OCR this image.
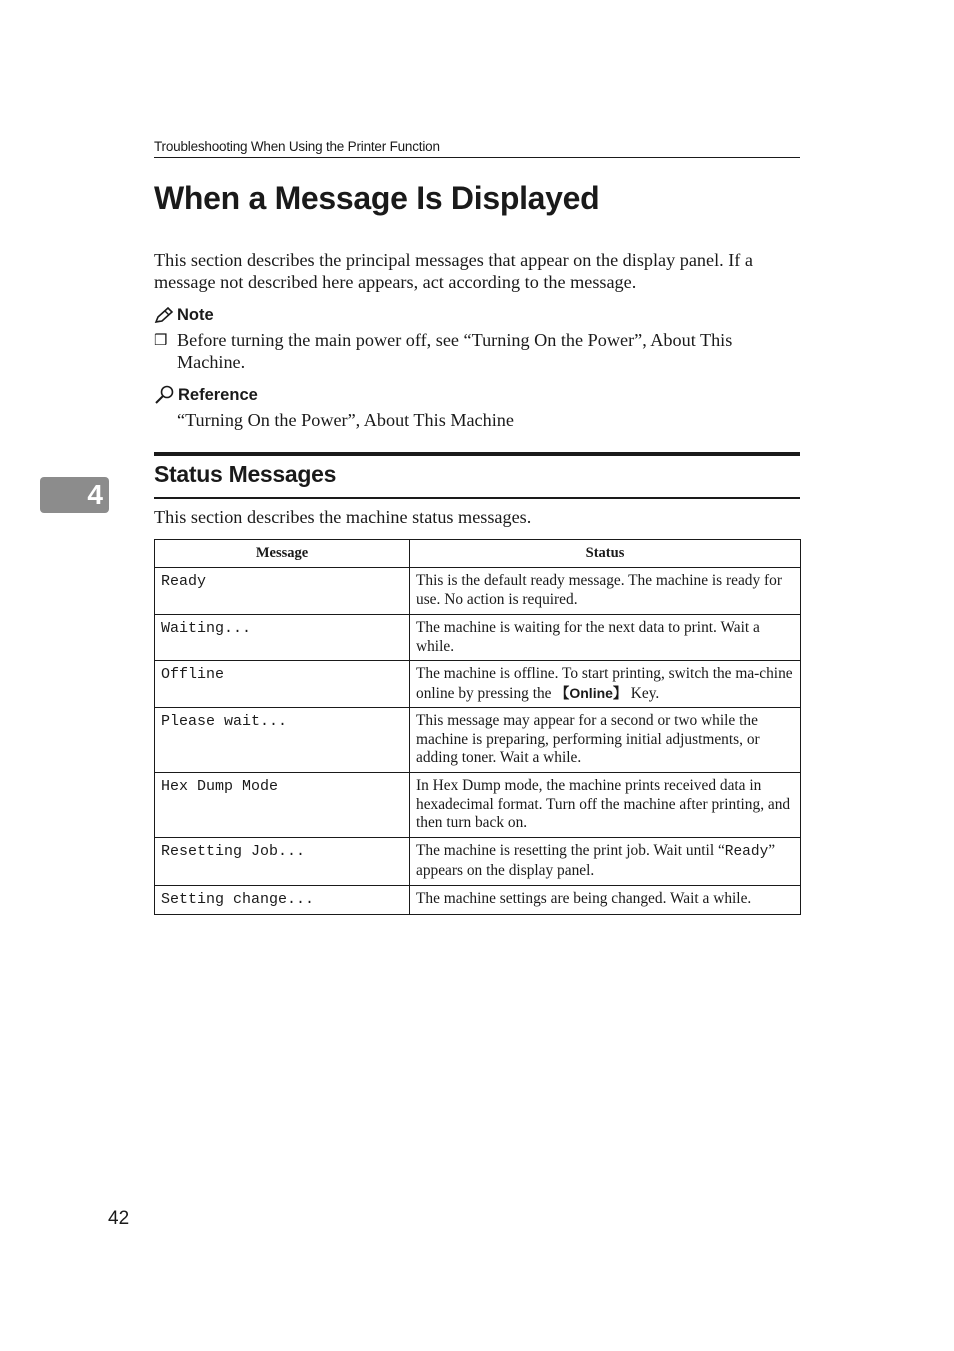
Troubleshooting When Using the Printer Function
When a Message Is Displayed
This section describes the principal messages that appear on the display panel. If a message not described here appears, act according to the message.
Note
❒ Before turning the main power off, see “Turning On the Power”, About This Machine.
Reference
“Turning On the Power”, About This Machine
4
Status Messages
This section describes the machine status messages.
Message	Status
Ready	This is the default ready message. The machine is ready for use. No action is required.
Waiting...	The machine is waiting for the next data to print. Wait a while.
Offline	The machine is offline. To start printing, switch the ma-chine online by pressing the 【Online】 Key.
Please wait...	This message may appear for a second or two while the machine is preparing, performing initial adjustments, or adding toner. Wait a while.
Hex Dump Mode	In Hex Dump mode, the machine prints received data in hexadecimal format. Turn off the machine after printing, and then turn back on.
Resetting Job...	The machine is resetting the print job. Wait until “Ready” appears on the display panel.
Setting change...	The machine settings are being changed. Wait a while.
42
